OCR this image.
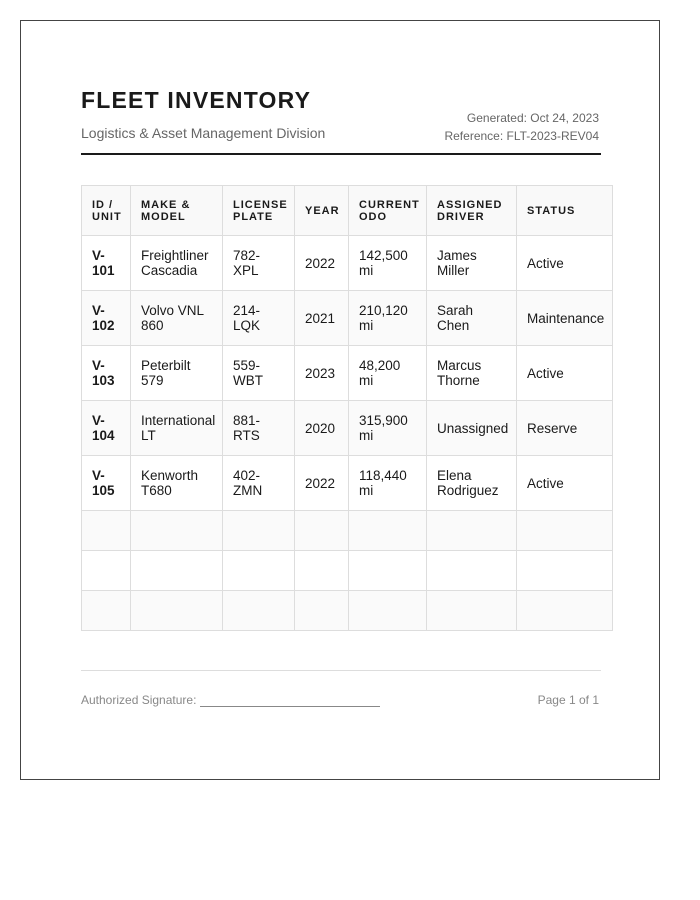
FLEET INVENTORY
Logistics & Asset Management Division
Generated: Oct 24, 2023
Reference: FLT-2023-REV04
ID / UNIT	MAKE & MODEL	LICENSE PLATE	YEAR	CURRENT ODO	ASSIGNED DRIVER	STATUS
V-101	Freightliner Cascadia	782-XPL	2022	142,500 mi	James Miller	Active
V-102	Volvo VNL 860	214-LQK	2021	210,120 mi	Sarah Chen	Maintenance
V-103	Peterbilt 579	559-WBT	2023	48,200 mi	Marcus Thorne	Active
V-104	International LT	881-RTS	2020	315,900 mi	Unassigned	Reserve
V-105	Kenworth T680	402-ZMN	2022	118,440 mi	Elena Rodriguez	Active

Authorized Signature:	Page 1 of 1
